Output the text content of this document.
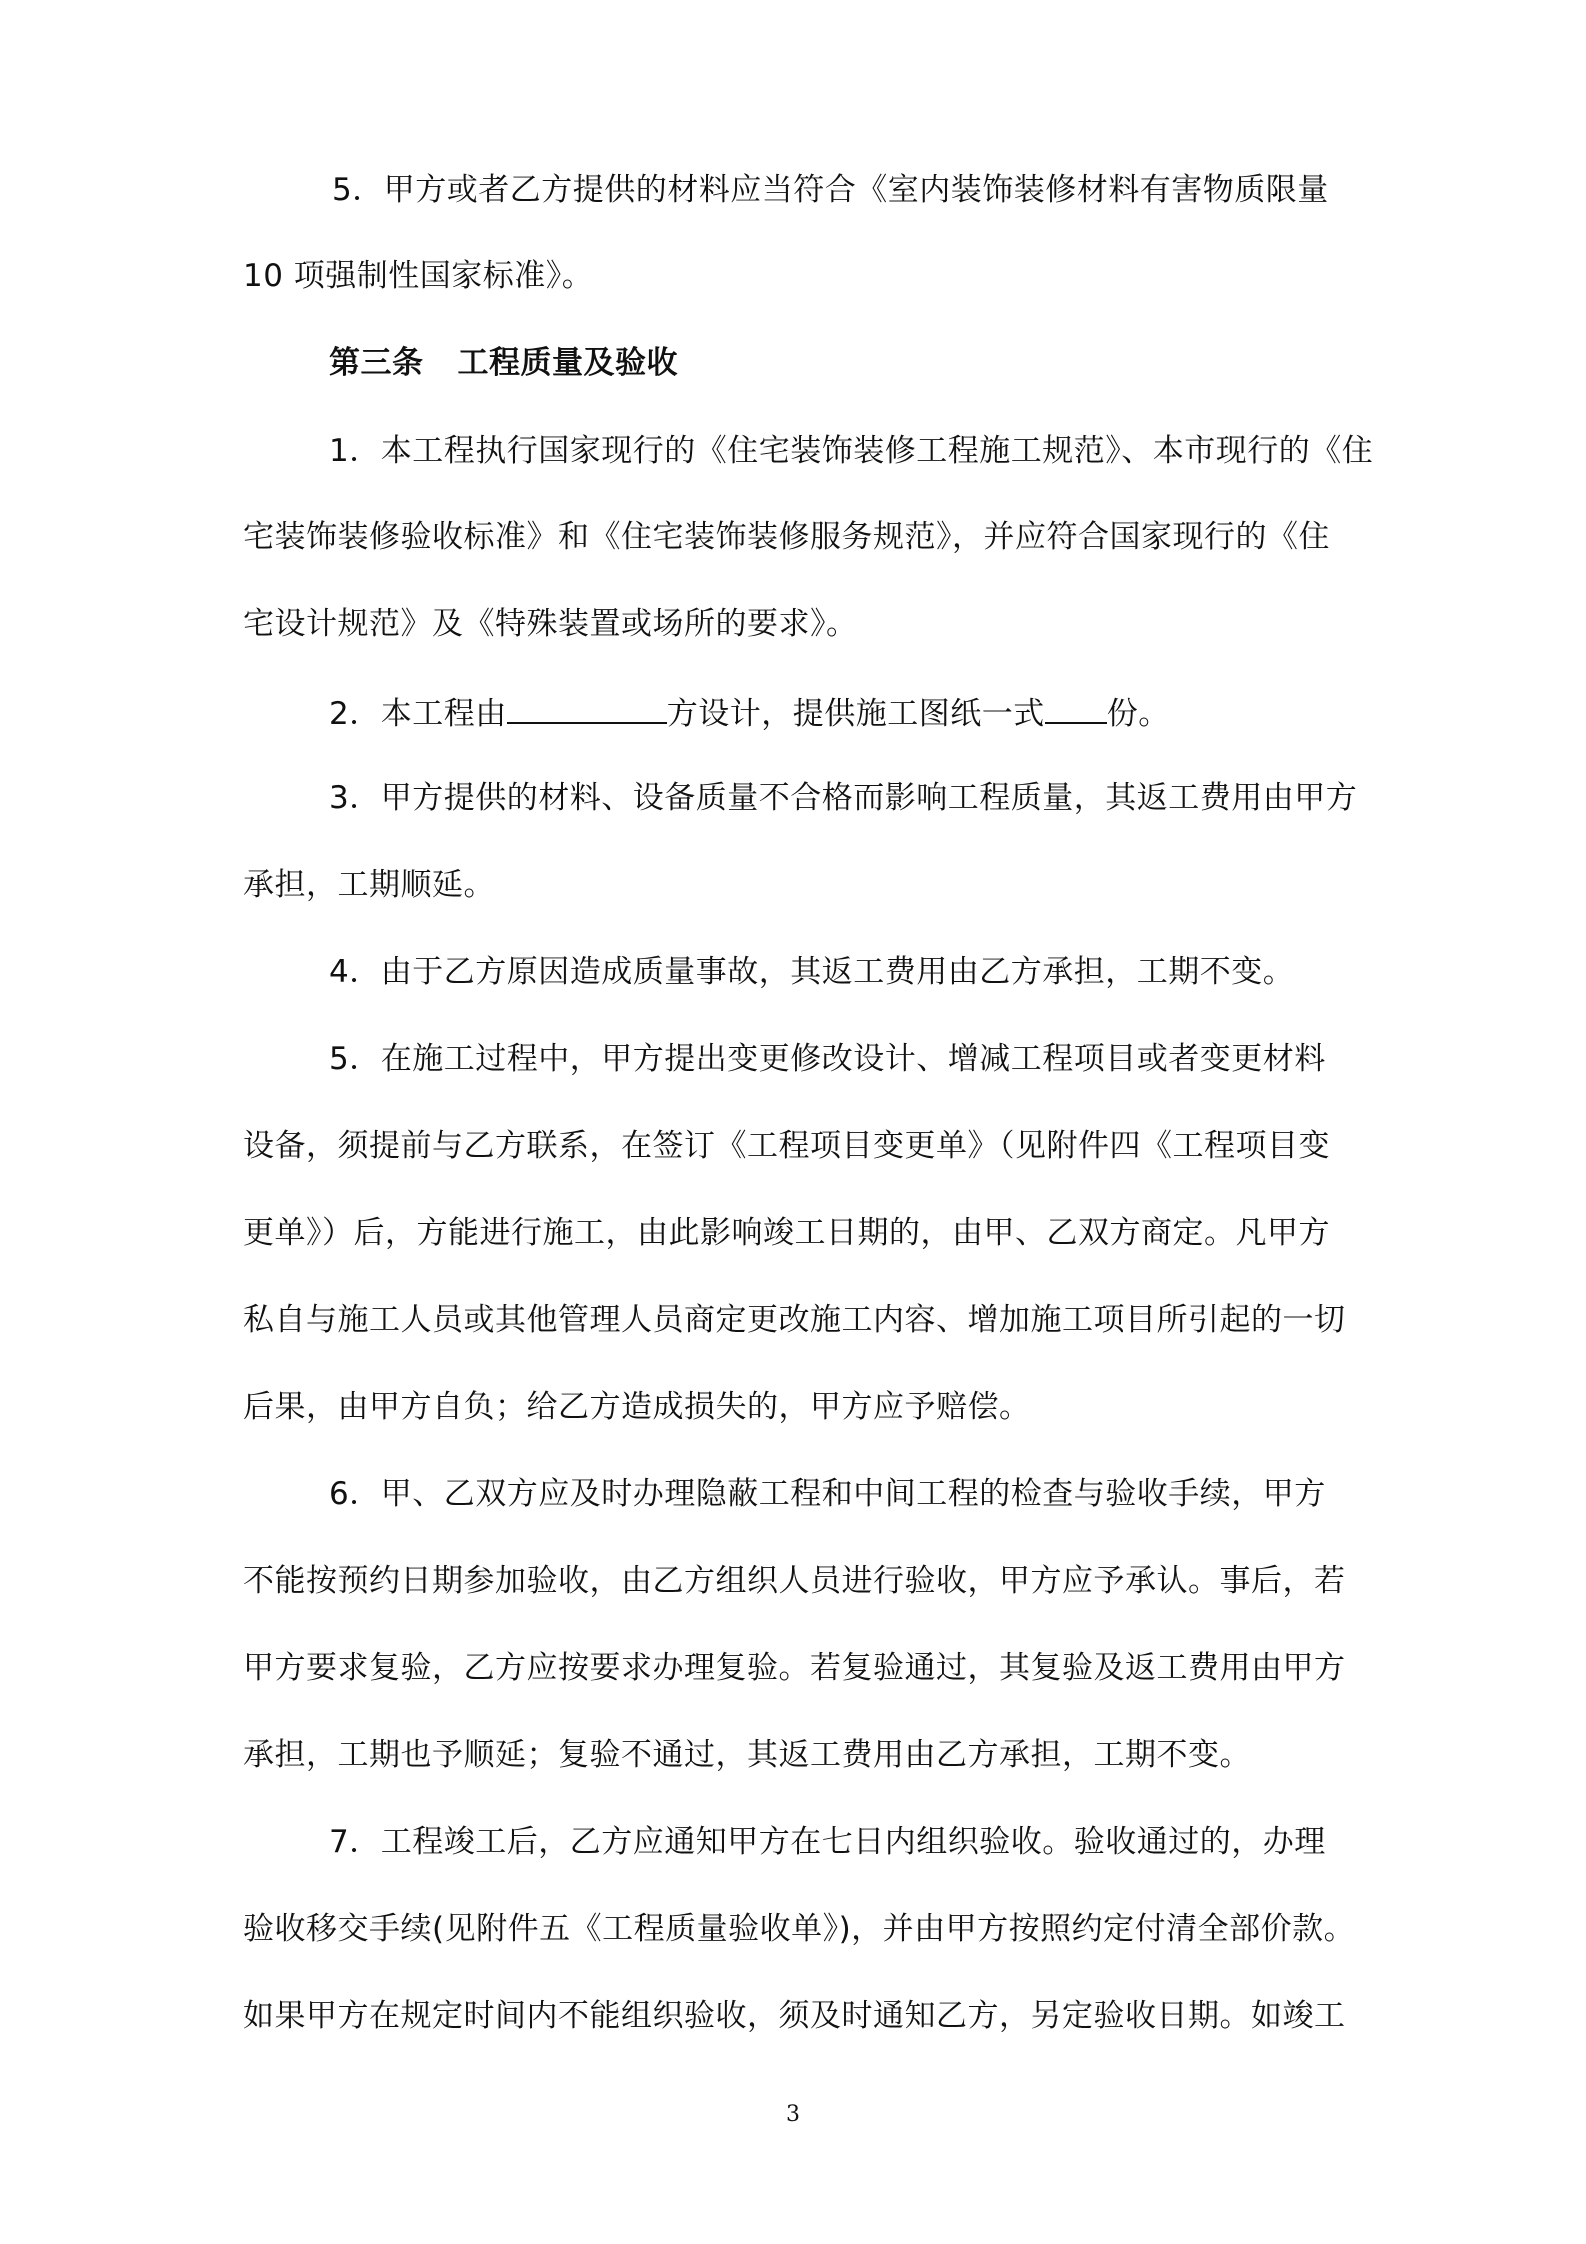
5．甲方或者乙方提供的材料应当符合《室内装饰装修材料有害物质限量
10 项强制性国家标准》。
第三条 工程质量及验收
1．本工程执行国家现行的《住宅装饰装修工程施工规范》、本市现行的《住
宅装饰装修验收标准》和《住宅装饰装修服务规范》，并应符合国家现行的《住
宅设计规范》及《特殊装置或场所的要求》。
2．本工程由	方设计，提供施工图纸一式 份。
3．甲方提供的材料、设备质量不合格而影响工程质量，其返工费用由甲方
承担，工期顺延。
4．由于乙方原因造成质量事故，其返工费用由乙方承担，工期不变。
5．在施工过程中，甲方提出变更修改设计、增减工程项目或者变更材料
设备，须提前与乙方联系，在签订《工程项目变更单》（见附件四《工程项目变
更单》）后，方能进行施工，由此影响竣工日期的，由甲、乙双方商定。凡甲方
私自与施工人员或其他管理人员商定更改施工内容、增加施工项目所引起的一切
后果，由甲方自负；给乙方造成损失的，甲方应予赔偿。
6．甲、乙双方应及时办理隐蔽工程和中间工程的检查与验收手续，甲方
不能按预约日期参加验收，由乙方组织人员进行验收，甲方应予承认。事后，若
甲方要求复验，乙方应按要求办理复验。若复验通过，其复验及返工费用由甲方
承担，工期也予顺延；复验不通过，其返工费用由乙方承担，工期不变。
7．工程竣工后，乙方应通知甲方在七日内组织验收。验收通过的，办理
验收移交手续(见附件五《工程质量验收单》)，并由甲方按照约定付清全部价款。
如果甲方在规定时间内不能组织验收，须及时通知乙方，另定验收日期。如竣工
3
